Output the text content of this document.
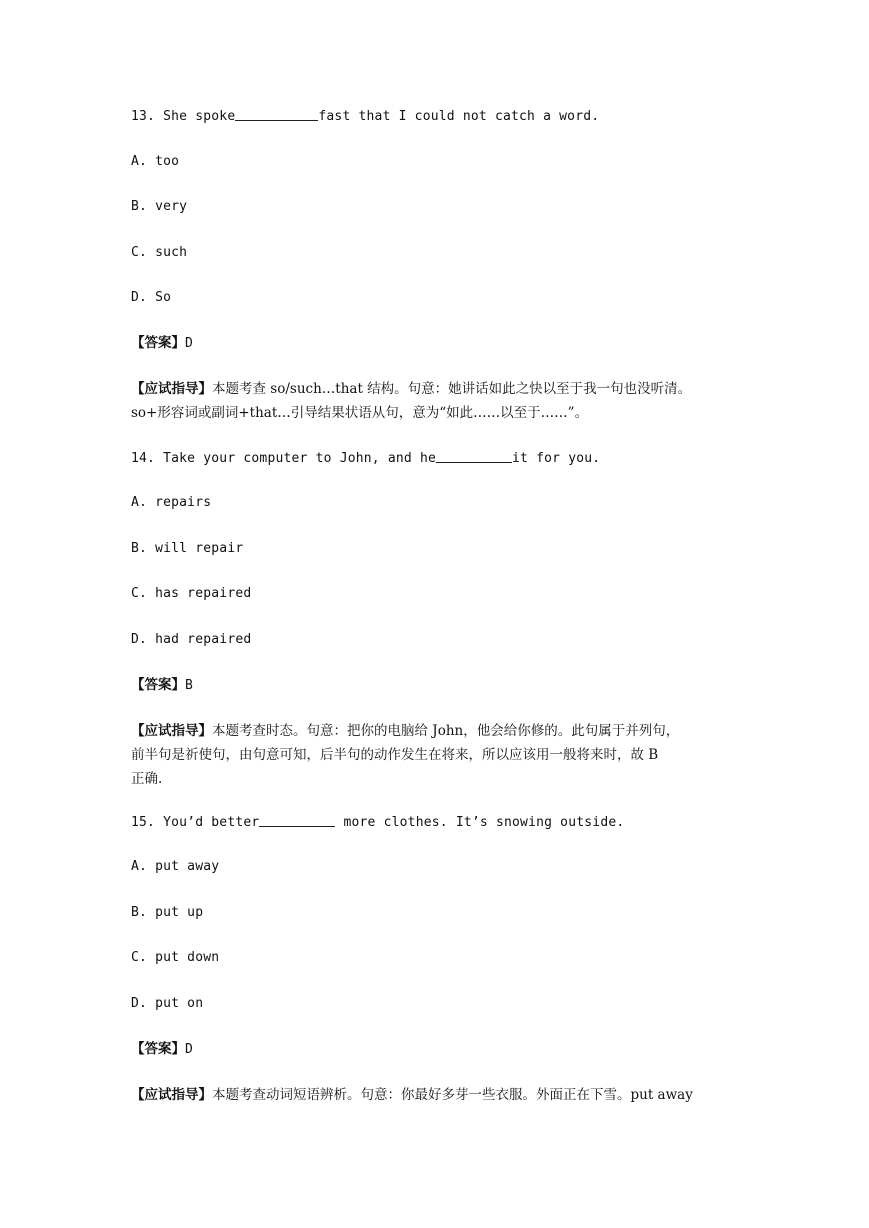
13. She spoke	fast that I could not catch a word.
A. too
B. very
C. such
D. So
【答案】D
【应试指导】本题考查 so/such…that 结构。句意：她讲话如此之快以至于我一句也没听清。
so+形容词或副词+that…引导结果状语从句，意为“如此……以至于……”。
14. Take your computer to John, and he	it for you.
A. repairs
B. will repair
C. has repaired
D. had repaired
【答案】B
【应试指导】本题考查时态。句意：把你的电脑给 John，他会给你修的。此句属于并列句，
前半句是祈使句，由句意可知，后半句的动作发生在将来，所以应该用一般将来时，故 B
正确.
15. You’d better	more clothes. It’s snowing outside.
A. put away
B. put up
C. put down
D. put on
【答案】D
【应试指导】本题考查动词短语辨析。句意：你最好多芽一些衣服。外面正在下雪。put away
